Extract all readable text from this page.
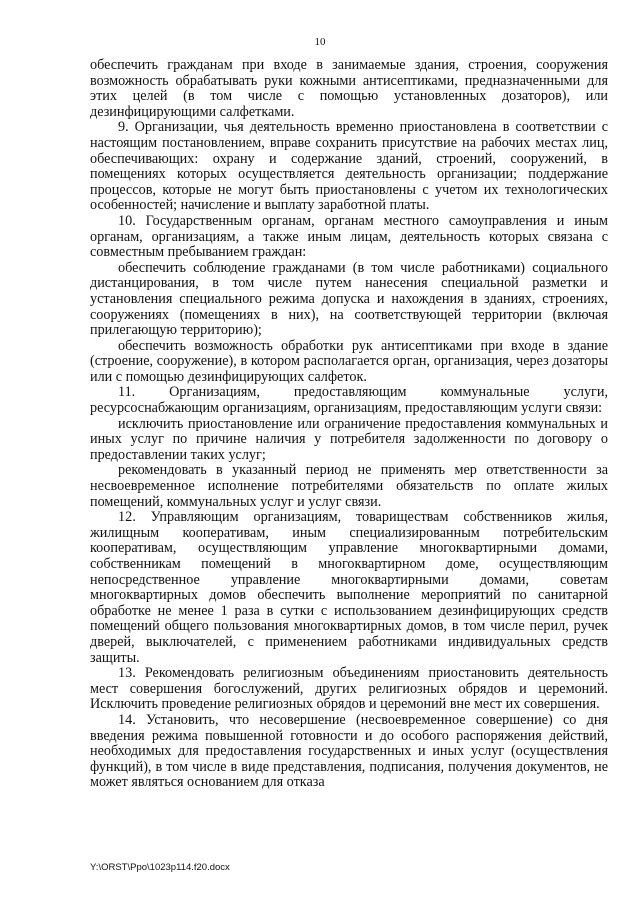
10

обеспечить гражданам при входе в занимаемые здания, строения, сооружения возможность обрабатывать руки кожными антисептиками, предназначенными для этих целей (в том числе с помощью установленных дозаторов), или дезинфицирующими салфетками.

9. Организации, чья деятельность временно приостановлена в соответствии с настоящим постановлением, вправе сохранить присутствие на рабочих местах лиц, обеспечивающих: охрану и содержание зданий, строений, сооружений, в помещениях которых осуществляется деятельность организации; поддержание процессов, которые не могут быть приостановлены с учетом их технологических особенностей; начисление и выплату заработной платы.

10. Государственным органам, органам местного самоуправления и иным органам, организациям, а также иным лицам, деятельность которых связана с совместным пребыванием граждан:

обеспечить соблюдение гражданами (в том числе работниками) социального дистанцирования, в том числе путем нанесения специальной разметки и установления специального режима допуска и нахождения в зданиях, строениях, сооружениях (помещениях в них), на соответствующей территории (включая прилегающую территорию);

обеспечить возможность обработки рук антисептиками при входе в здание (строение, сооружение), в котором располагается орган, организация, через дозаторы или с помощью дезинфицирующих салфеток.

11. Организациям, предоставляющим коммунальные услуги, ресурсоснабжающим организациям, организациям, предоставляющим услуги связи:

исключить приостановление или ограничение предоставления коммунальных и иных услуг по причине наличия у потребителя задолженности по договору о предоставлении таких услуг;

рекомендовать в указанный период не применять мер ответственности за несвоевременное исполнение потребителями обязательств по оплате жилых помещений, коммунальных услуг и услуг связи.

12. Управляющим организациям, товариществам собственников жилья, жилищным кооперативам, иным специализированным потребительским кооперативам, осуществляющим управление многоквартирными домами, собственникам помещений в многоквартирном доме, осуществляющим непосредственное управление многоквартирными домами, советам многоквартирных домов обеспечить выполнение мероприятий по санитарной обработке не менее 1 раза в сутки с использованием дезинфицирующих средств помещений общего пользования многоквартирных домов, в том числе перил, ручек дверей, выключателей, с применением работниками индивидуальных средств защиты.

13. Рекомендовать религиозным объединениям приостановить деятельность мест совершения богослужений, других религиозных обрядов и церемоний. Исключить проведение религиозных обрядов и церемоний вне мест их совершения.

14. Установить, что несовершение (несвоевременное совершение) со дня введения режима повышенной готовности и до особого распоряжения действий, необходимых для предоставления государственных и иных услуг (осуществления функций), в том числе в виде представления, подписания, получения документов, не может являться основанием для отказа

Y:\ORST\Ppo\1023p114.f20.docx
